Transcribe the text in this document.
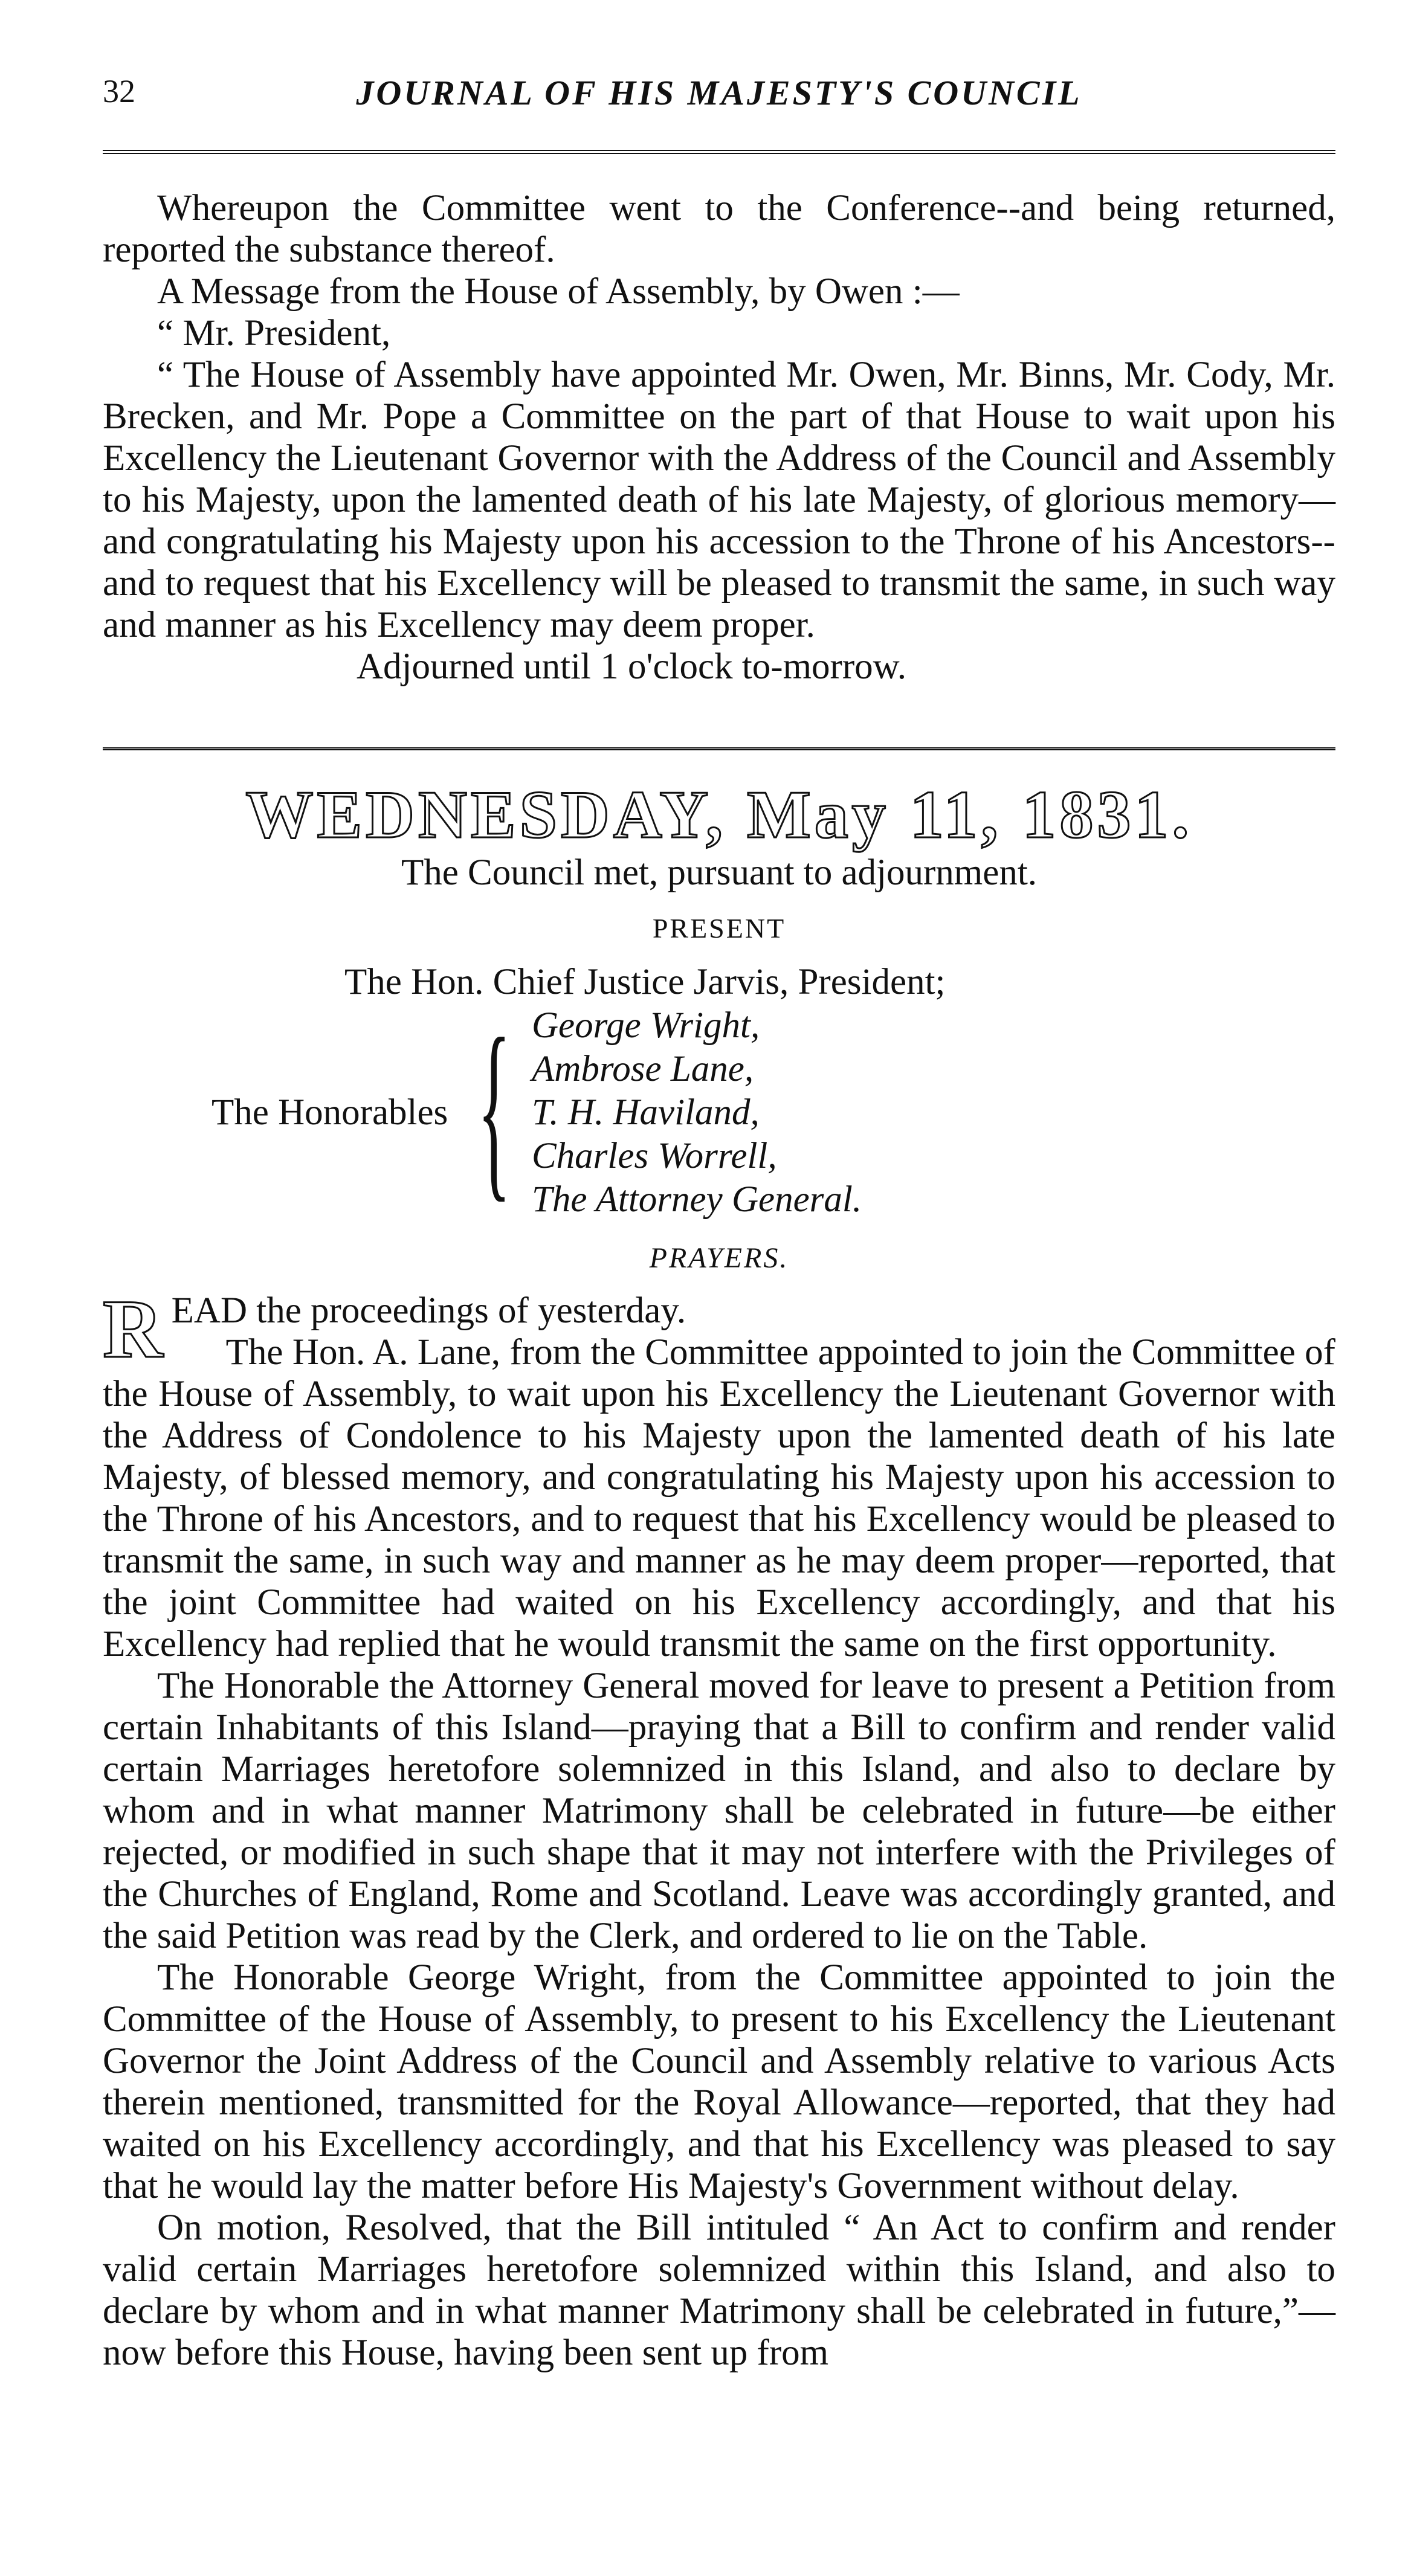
32	JOURNAL OF HIS MAJESTY'S COUNCIL

Whereupon the Committee went to the Conference--and being returned, reported the substance thereof.

A Message from the House of Assembly, by Owen :—

“ Mr. President,

“ The House of Assembly have appointed Mr. Owen, Mr. Binns, Mr. Cody, Mr. Brecken, and Mr. Pope a Committee on the part of that House to wait upon his Excellency the Lieutenant Governor with the Address of the Council and Assembly to his Majesty, upon the lamented death of his late Majesty, of glorious memory—and congratulating his Majesty upon his accession to the Throne of his Ancestors--and to request that his Excellency will be pleased to transmit the same, in such way and manner as his Excellency may deem proper.

Adjourned until 1 o'clock to-morrow.

WEDNESDAY, May 11, 1831.
The Council met, pursuant to adjournment.
PRESENT
The Hon. Chief Justice Jarvis, President;
The Honorables { George Wright,
Ambrose Lane,
T. H. Haviland,
Charles Worrell,
The Attorney General.
PRAYERS.

READ the proceedings of yesterday.

The Hon. A. Lane, from the Committee appointed to join the Committee of the House of Assembly, to wait upon his Excellency the Lieutenant Governor with the Address of Condolence to his Majesty upon the lamented death of his late Majesty, of blessed memory, and congratulating his Majesty upon his accession to the Throne of his Ancestors, and to request that his Excellency would be pleased to transmit the same, in such way and manner as he may deem proper—reported, that the joint Committee had waited on his Excellency accordingly, and that his Excellency had replied that he would transmit the same on the first opportunity.

The Honorable the Attorney General moved for leave to present a Petition from certain Inhabitants of this Island—praying that a Bill to confirm and render valid certain Marriages heretofore solemnized in this Island, and also to declare by whom and in what manner Matrimony shall be celebrated in future—be either rejected, or modified in such shape that it may not interfere with the Privileges of the Churches of England, Rome and Scotland. Leave was accordingly granted, and the said Petition was read by the Clerk, and ordered to lie on the Table.

The Honorable George Wright, from the Committee appointed to join the Committee of the House of Assembly, to present to his Excellency the Lieutenant Governor the Joint Address of the Council and Assembly relative to various Acts therein mentioned, transmitted for the Royal Allowance—reported, that they had waited on his Excellency accordingly, and that his Excellency was pleased to say that he would lay the matter before His Majesty's Government without delay.

On motion, Resolved, that the Bill intituled “ An Act to confirm and render valid certain Marriages heretofore solemnized within this Island, and also to declare by whom and in what manner Matrimony shall be celebrated in future,”—now before this House, having been sent up from
